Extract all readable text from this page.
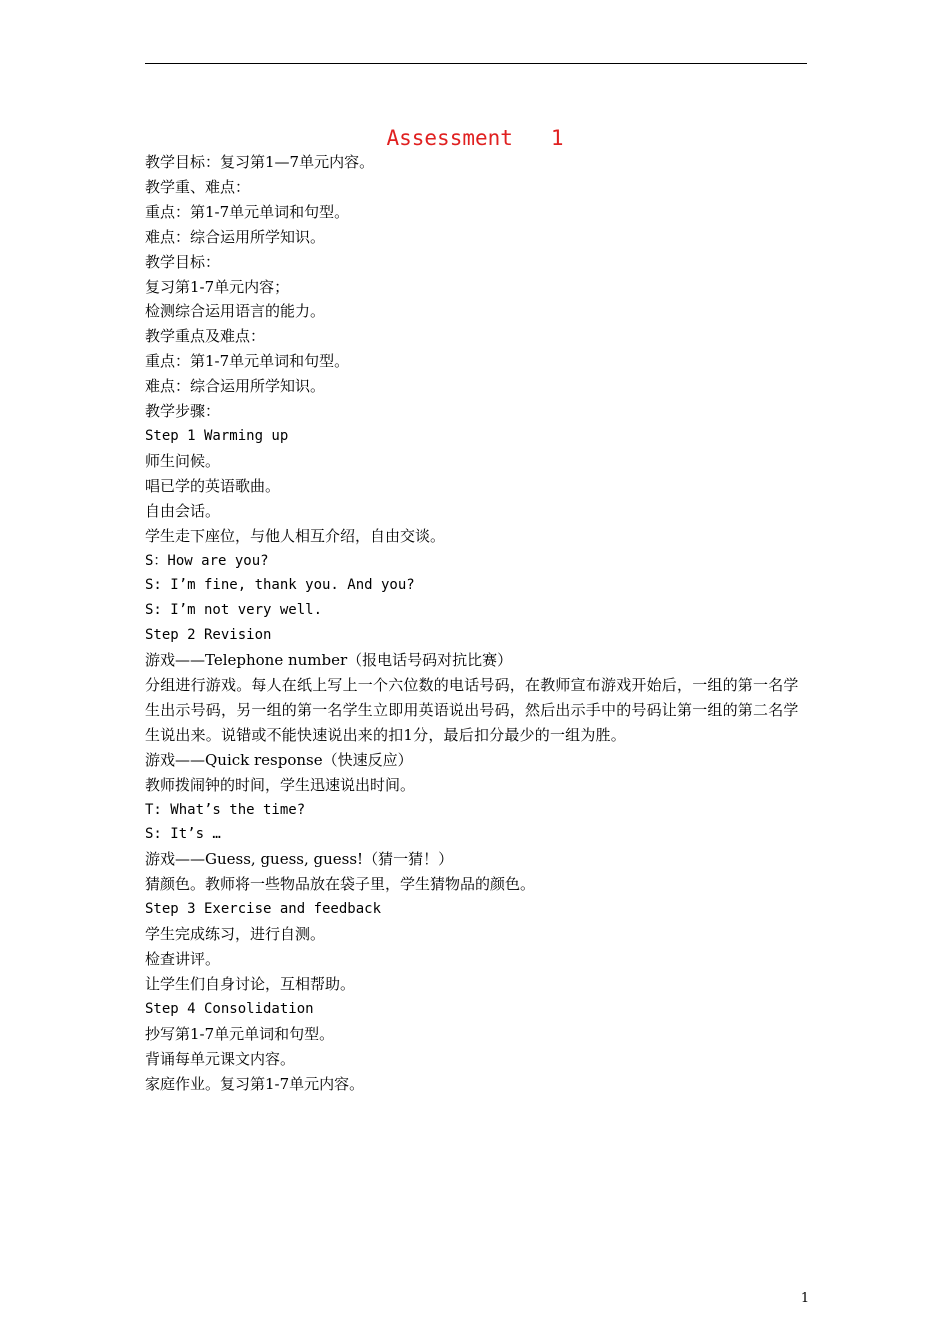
Assessment   1
教学目标：复习第1—7单元内容。
教学重、难点：
重点：第1-7单元单词和句型。
难点：综合运用所学知识。
教学目标：
复习第1-7单元内容；
检测综合运用语言的能力。
教学重点及难点：
重点：第1-7单元单词和句型。
难点：综合运用所学知识。
教学步骤：
Step 1 Warming up
师生问候。
唱已学的英语歌曲。
自由会话。
学生走下座位，与他人相互介绍，自由交谈。
S：How are you?
S: I’m fine, thank you. And you?
S: I’m not very well.
Step 2 Revision
游戏——Telephone number（报电话号码对抗比赛）
分组进行游戏。每人在纸上写上一个六位数的电话号码，在教师宣布游戏开始后，一组的第一名学生出示号码，另一组的第一名学生立即用英语说出号码，然后出示手中的号码让第一组的第二名学生说出来。说错或不能快速说出来的扣1分，最后扣分最少的一组为胜。
游戏——Quick response（快速反应）
教师拨闹钟的时间，学生迅速说出时间。
T: What’s the time?
S: It’s …
游戏——Guess, guess, guess!（猜一猜！）
猜颜色。教师将一些物品放在袋子里，学生猜物品的颜色。
Step 3 Exercise and feedback
学生完成练习，进行自测。
检查讲评。
让学生们自身讨论，互相帮助。
Step 4 Consolidation
抄写第1-7单元单词和句型。
背诵每单元课文内容。
家庭作业。复习第1-7单元内容。
1
